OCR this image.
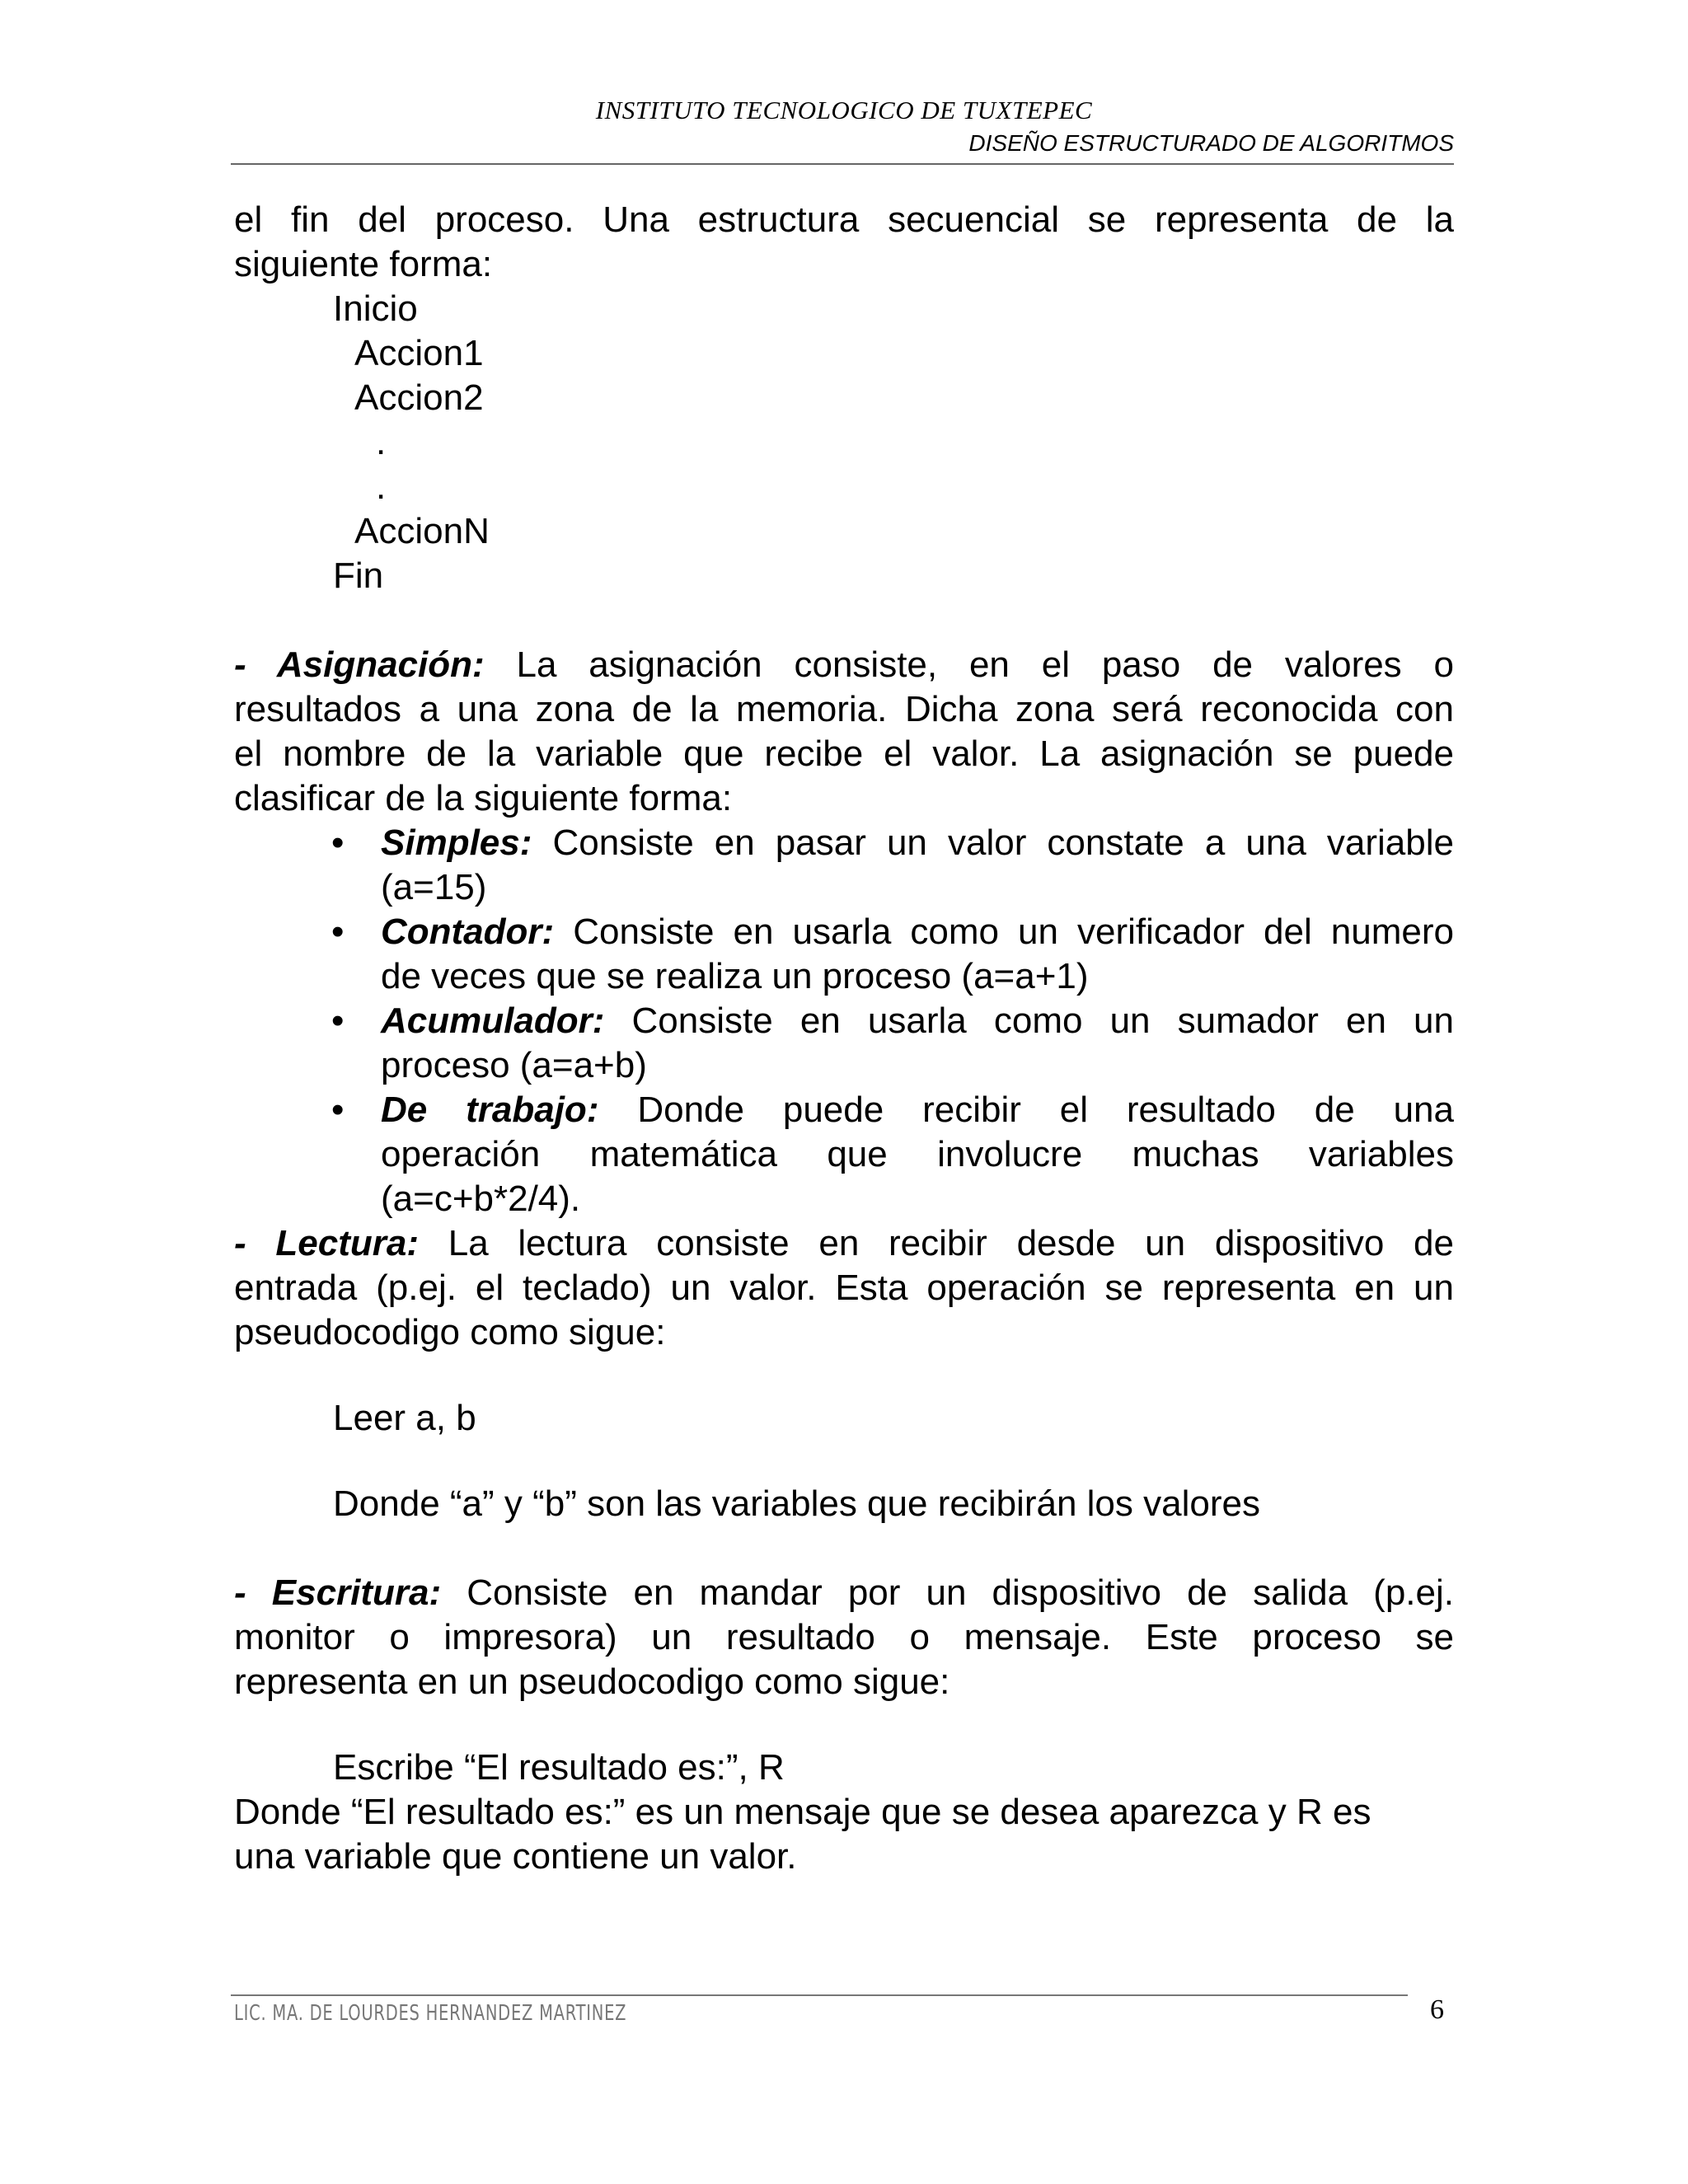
INSTITUTO TECNOLOGICO DE TUXTEPEC
DISEÑO ESTRUCTURADO DE ALGORITMOS

el fin del proceso. Una estructura secuencial se representa de la

siguiente forma:

Inicio
Accion1
Accion2
.
.
AccionN
Fin

- Asignación: La asignación consiste, en el paso de valores o

resultados a una zona de la memoria. Dicha zona será reconocida con

el nombre de la variable que recibe el valor. La asignación se puede

clasificar de la siguiente forma:

• Simples: Consiste en pasar un valor constate a una variable
(a=15)
• Contador: Consiste en usarla como un verificador del numero
de veces que se realiza un proceso (a=a+1)
• Acumulador: Consiste en usarla como un sumador en un
proceso (a=a+b)
• De trabajo: Donde puede recibir el resultado de una
operación matemática que involucre muchas variables
(a=c+b*2/4).

- Lectura: La lectura consiste en recibir desde un dispositivo de

entrada (p.ej. el teclado) un valor. Esta operación se representa en un

pseudocodigo como sigue:

Leer a, b

Donde “a” y “b” son las variables que recibirán los valores

- Escritura: Consiste en mandar por un dispositivo de salida (p.ej.

monitor o impresora) un resultado o mensaje. Este proceso se

representa en un pseudocodigo como sigue:

Escribe “El resultado es:”, R

Donde “El resultado es:” es un mensaje que se desea aparezca y R es

una variable que contiene un valor.

LIC. MA. DE LOURDES HERNANDEZ MARTINEZ	6
